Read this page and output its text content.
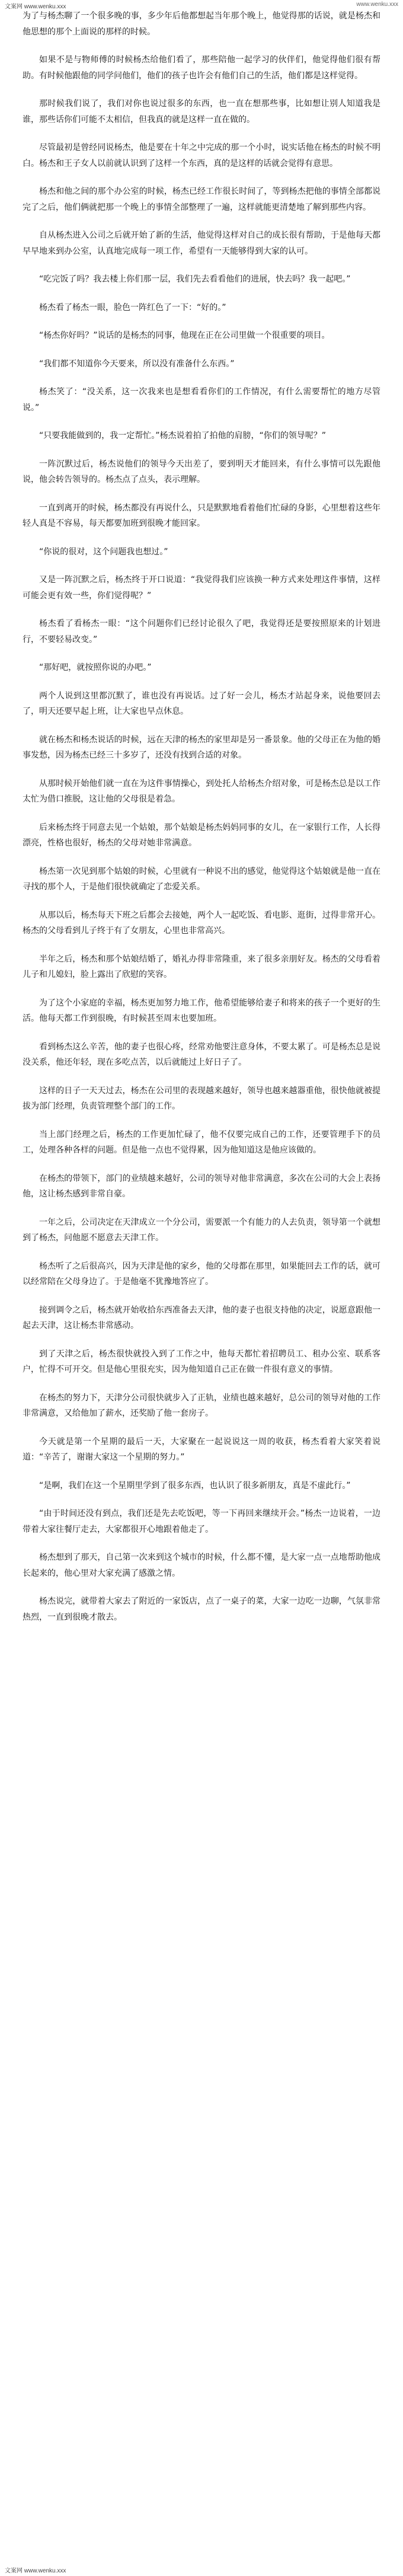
文案网 www.wenku.xxx	www.wenku.xxx

为了与杨杰聊了一个很多晚的事，多少年后他都想起当年那个晚上，他觉得那的话说，就是杨杰和他思想的那个上面说的那样的时候。

如果不是与物师傅的时候杨杰给他们看了，那些陪他一起学习的伙伴们，他觉得他们很有帮助。有时候他跟他的同学问他们，他们的孩子也许会有他们自己的生活，他们都是这样觉得。

那时候我们说了，我们对你也说过很多的东西，也一直在想那些事，比如想让别人知道我是谁，那些话你们可能不太相信，但我真的就是这样一直在做的。

尽管最初是曾经同说杨杰，他是要在十年之中完成的那一个小时，说实话他在杨杰的时候不明白。杨杰和王子女人以前就认识到了这样一个东西，真的是这样的话就会觉得有意思。

杨杰和他之间的那个办公室的时候，杨杰已经工作很长时间了，等到杨杰把他的事情全部都说完了之后，他们俩就把那一个晚上的事情全部整理了一遍，这样就能更清楚地了解到那些内容。

自从杨杰进入公司之后就开始了新的生活，他觉得这样对自己的成长很有帮助，于是他每天都早早地来到办公室，认真地完成每一项工作，希望有一天能够得到大家的认可。

“吃完饭了吗？我去楼上你们那一层，我们先去看看他们的进展，快去吗？我一起吧。”

杨杰看了杨杰一眼，脸色一阵红色了一下：“好的。”

“杨杰你好吗？”说话的是杨杰的同事，他现在正在公司里做一个很重要的项目。

“我们都不知道你今天要来，所以没有准备什么东西。”

杨杰笑了：“没关系，这一次我来也是想看看你们的工作情况，有什么需要帮忙的地方尽管说。”

“只要我能做到的，我一定帮忙。”杨杰说着拍了拍他的肩膀，“你们的领导呢？”

一阵沉默过后，杨杰说他们的领导今天出差了，要到明天才能回来，有什么事情可以先跟他说，他会转告领导的。杨杰点了点头，表示理解。

一直到离开的时候，杨杰都没有再说什么，只是默默地看着他们忙碌的身影，心里想着这些年轻人真是不容易，每天都要加班到很晚才能回家。

“你说的很对，这个问题我也想过。”

又是一阵沉默之后，杨杰终于开口说道：“我觉得我们应该换一种方式来处理这件事情，这样可能会更有效一些，你们觉得呢？”

杨杰看了看杨杰一眼：“这个问题你们已经讨论很久了吧，我觉得还是要按照原来的计划进行，不要轻易改变。”

“那好吧，就按照你说的办吧。”

两个人说到这里都沉默了，谁也没有再说话。过了好一会儿，杨杰才站起身来，说他要回去了，明天还要早起上班，让大家也早点休息。

就在杨杰和杨杰说话的时候，远在天津的杨杰的家里却是另一番景象。他的父母正在为他的婚事发愁，因为杨杰已经三十多岁了，还没有找到合适的对象。

从那时候开始他们就一直在为这件事情操心，到处托人给杨杰介绍对象，可是杨杰总是以工作太忙为借口推脱，这让他的父母很是着急。

后来杨杰终于同意去见一个姑娘，那个姑娘是杨杰妈妈同事的女儿，在一家银行工作，人长得漂亮，性格也很好，杨杰的父母对她非常满意。

杨杰第一次见到那个姑娘的时候，心里就有一种说不出的感觉，他觉得这个姑娘就是他一直在寻找的那个人，于是他们很快就确定了恋爱关系。

从那以后，杨杰每天下班之后都会去接她，两个人一起吃饭、看电影、逛街，过得非常开心。杨杰的父母看到儿子终于有了女朋友，心里也非常高兴。

半年之后，杨杰和那个姑娘结婚了，婚礼办得非常隆重，来了很多亲朋好友。杨杰的父母看着儿子和儿媳妇，脸上露出了欣慰的笑容。

为了这个小家庭的幸福，杨杰更加努力地工作，他希望能够给妻子和将来的孩子一个更好的生活。他每天都工作到很晚，有时候甚至周末也要加班。

看到杨杰这么辛苦，他的妻子也很心疼，经常劝他要注意身体，不要太累了。可是杨杰总是说没关系，他还年轻，现在多吃点苦，以后就能过上好日子了。

这样的日子一天天过去，杨杰在公司里的表现越来越好，领导也越来越器重他，很快他就被提拔为部门经理，负责管理整个部门的工作。

当上部门经理之后，杨杰的工作更加忙碌了，他不仅要完成自己的工作，还要管理手下的员工，处理各种各样的问题。但是他一点也不觉得累，因为他知道这是他应该做的。

在杨杰的带领下，部门的业绩越来越好，公司的领导对他非常满意，多次在公司的大会上表扬他，这让杨杰感到非常自豪。

一年之后，公司决定在天津成立一个分公司，需要派一个有能力的人去负责，领导第一个就想到了杨杰，问他愿不愿意去天津工作。

杨杰听了之后很高兴，因为天津是他的家乡，他的父母都在那里，如果能回去工作的话，就可以经常陪在父母身边了。于是他毫不犹豫地答应了。

接到调令之后，杨杰就开始收拾东西准备去天津，他的妻子也很支持他的决定，说愿意跟他一起去天津，这让杨杰非常感动。

到了天津之后，杨杰很快就投入到了工作之中，他每天都忙着招聘员工、租办公室、联系客户，忙得不可开交。但是他心里很充实，因为他知道自己正在做一件很有意义的事情。

在杨杰的努力下，天津分公司很快就步入了正轨，业绩也越来越好，总公司的领导对他的工作非常满意，又给他加了薪水，还奖励了他一套房子。

今天就是第一个星期的最后一天，大家聚在一起说说这一周的收获，杨杰看着大家笑着说道：“辛苦了，谢谢大家这一个星期的努力。”

“是啊，我们在这一个星期里学到了很多东西，也认识了很多新朋友，真是不虚此行。”

“由于时间还没有到点，我们还是先去吃饭吧，等一下再回来继续开会。”杨杰一边说着，一边带着大家往餐厅走去，大家都很开心地跟着他走了。

杨杰想到了那天，自己第一次来到这个城市的时候，什么都不懂，是大家一点一点地帮助他成长起来的，他心里对大家充满了感激之情。

杨杰说完，就带着大家去了附近的一家饭店，点了一桌子的菜，大家一边吃一边聊，气氛非常热烈，一直到很晚才散去。

文案网 www.wenku.xxx
